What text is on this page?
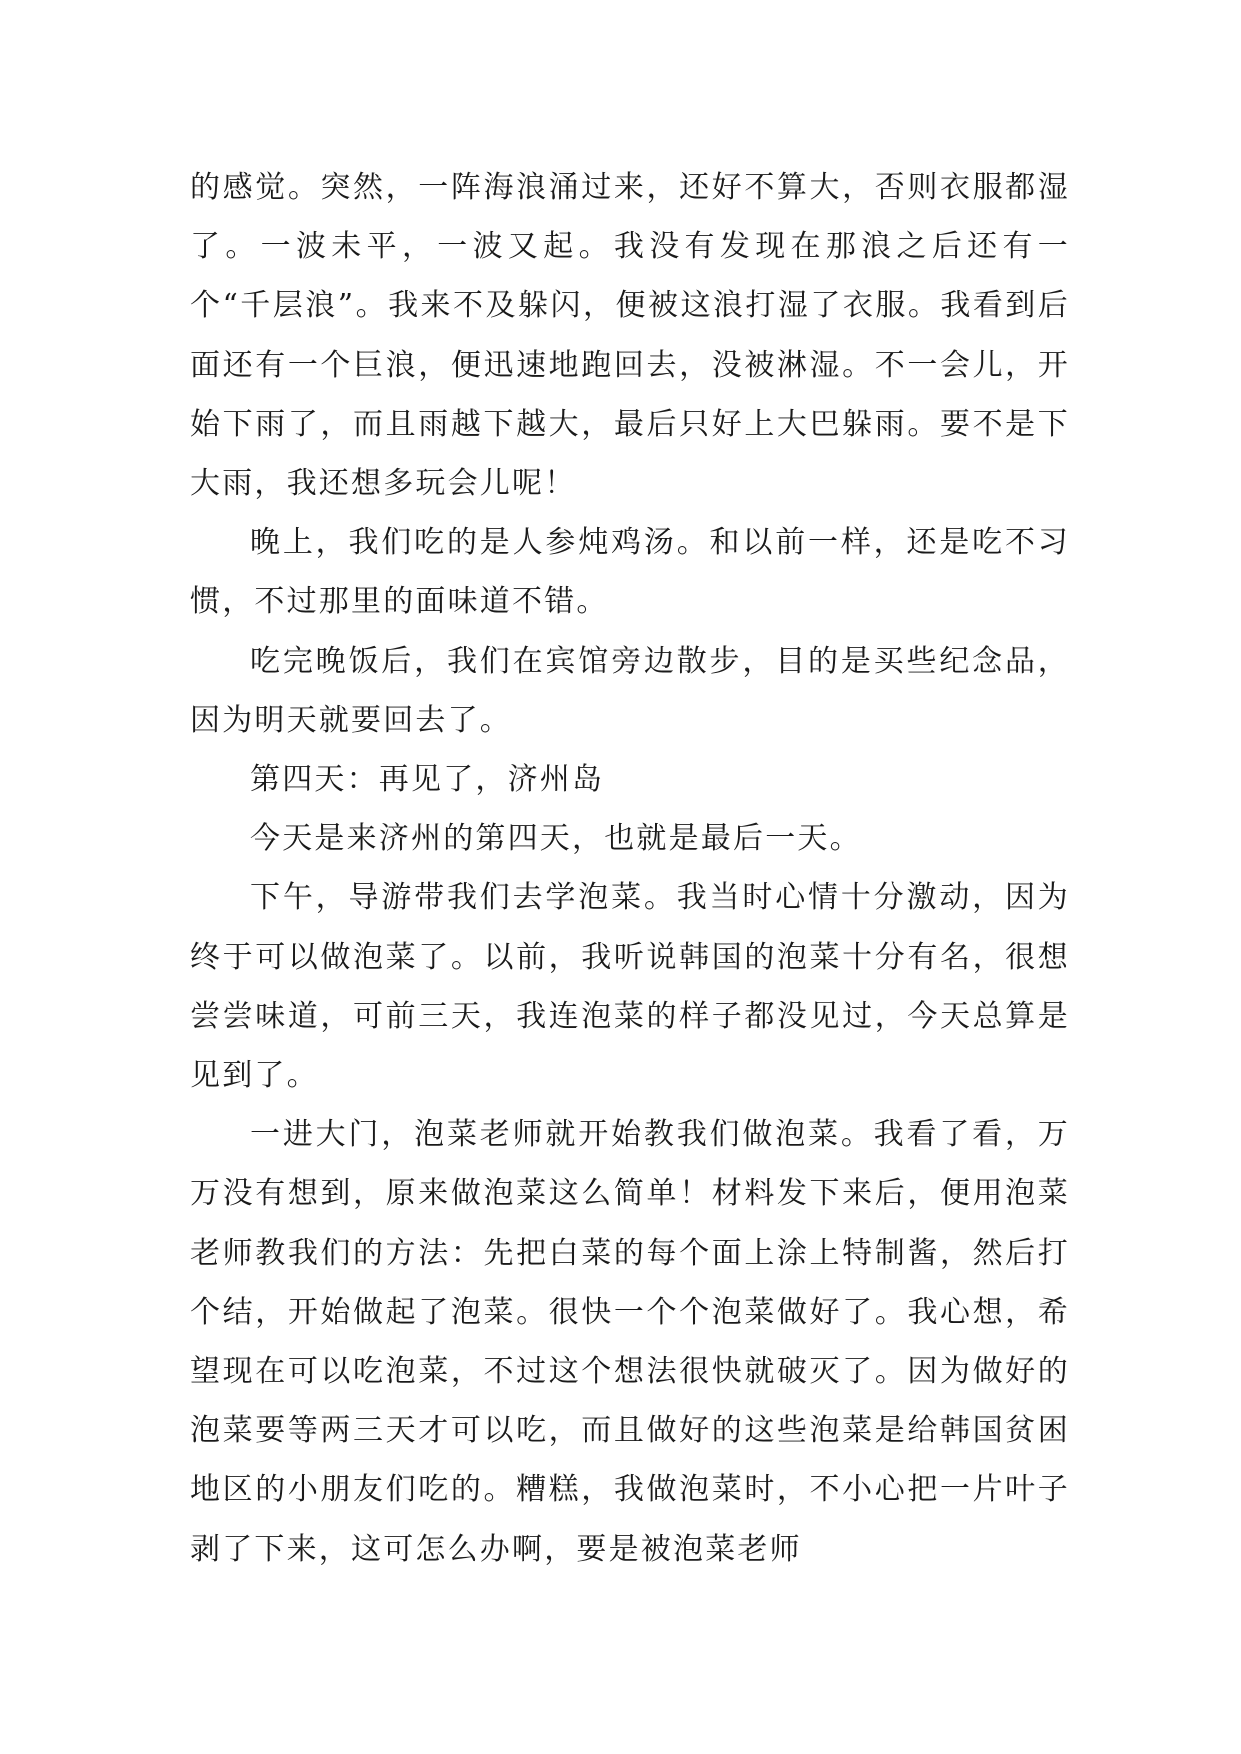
的感觉。突然，一阵海浪涌过来，还好不算大，否则衣服都湿了。一波未平，一波又起。我没有发现在那浪之后还有一个“千层浪”。我来不及躲闪，便被这浪打湿了衣服。我看到后面还有一个巨浪，便迅速地跑回去，没被淋湿。不一会儿，开始下雨了，而且雨越下越大，最后只好上大巴躲雨。要不是下大雨，我还想多玩会儿呢！

晚上，我们吃的是人参炖鸡汤。和以前一样，还是吃不习惯，不过那里的面味道不错。

吃完晚饭后，我们在宾馆旁边散步，目的是买些纪念品，因为明天就要回去了。

第四天：再见了，济州岛

今天是来济州的第四天，也就是最后一天。

下午，导游带我们去学泡菜。我当时心情十分激动，因为终于可以做泡菜了。以前，我听说韩国的泡菜十分有名，很想尝尝味道，可前三天，我连泡菜的样子都没见过，今天总算是见到了。

一进大门，泡菜老师就开始教我们做泡菜。我看了看，万万没有想到，原来做泡菜这么简单！材料发下来后，便用泡菜老师教我们的方法：先把白菜的每个面上涂上特制酱，然后打个结，开始做起了泡菜。很快一个个泡菜做好了。我心想，希望现在可以吃泡菜，不过这个想法很快就破灭了。因为做好的泡菜要等两三天才可以吃，而且做好的这些泡菜是给韩国贫困地区的小朋友们吃的。糟糕，我做泡菜时，不小心把一片叶子剥了下来，这可怎么办啊，要是被泡菜老师
